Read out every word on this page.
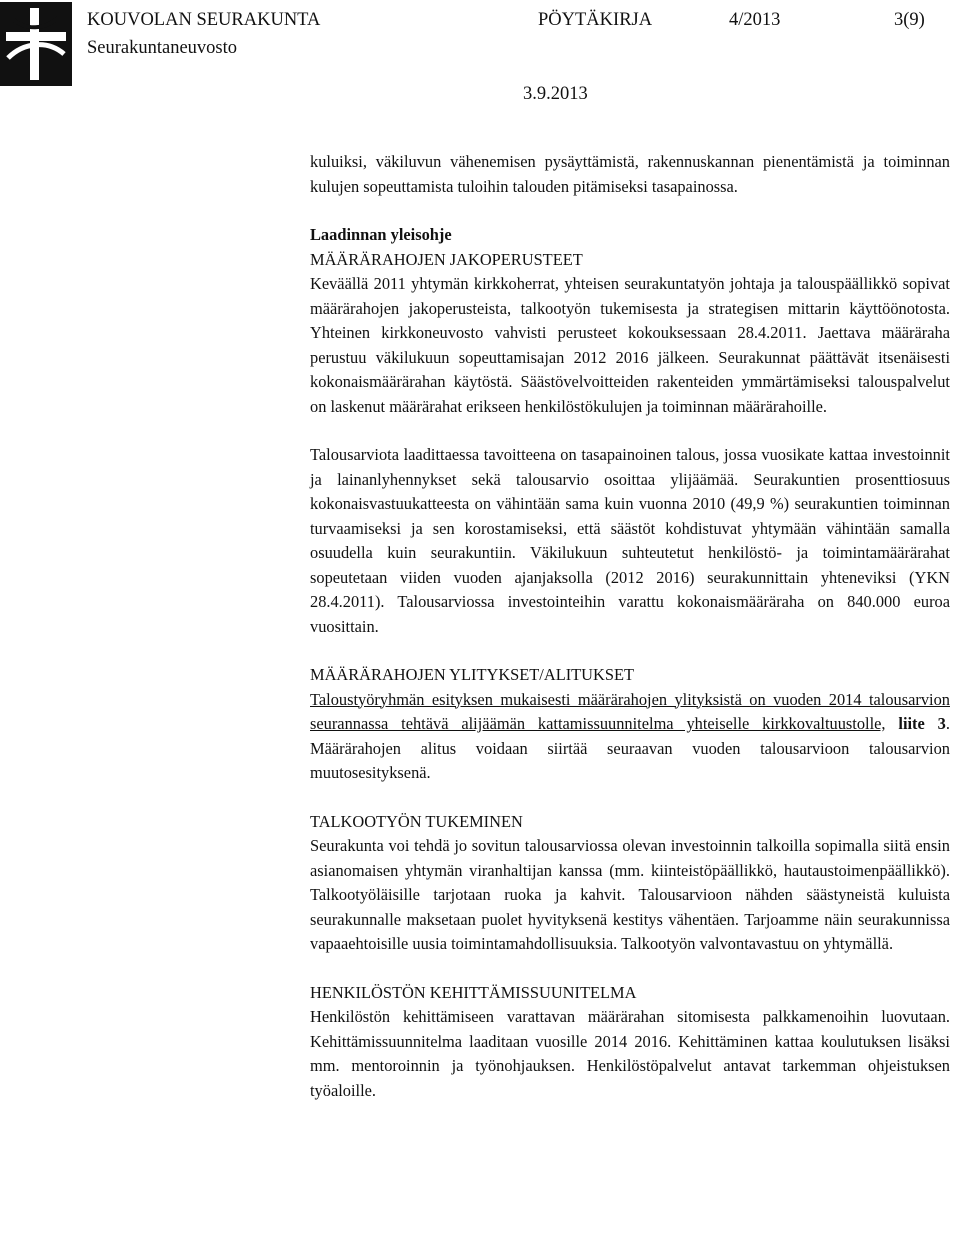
KOUVOLAN SEURAKUNTA
Seurakuntaneuvosto
PÖYTÄKIRJA	4/2013	3(9)
3.9.2013

kuluiksi, väkiluvun vähenemisen pysäyttämistä, rakennuskannan pienentämistä ja toiminnan kulujen sopeuttamista tuloihin talouden pitämiseksi tasapainossa.

Laadinnan yleisohje
MÄÄRÄRAHOJEN JAKOPERUSTEET

Keväällä 2011 yhtymän kirkkoherrat, yhteisen seurakuntatyön johtaja ja talouspäällikkö sopivat määrärahojen jakoperusteista, talkootyön tukemisesta ja strategisen mittarin käyttöönotosta. Yhteinen kirkkoneuvosto vahvisti perusteet kokouksessaan 28.4.2011. Jaettava määräraha perustuu väkilukuun sopeuttamisajan 2012 2016 jälkeen. Seurakunnat päättävät itsenäisesti kokonaismäärärahan käytöstä. Säästövelvoitteiden rakenteiden ymmärtämiseksi talouspalvelut on laskenut määrärahat erikseen henkilöstökulujen ja toiminnan määrärahoille.

Talousarviota laadittaessa tavoitteena on tasapainoinen talous, jossa vuosikate kattaa investoinnit ja lainanlyhennykset sekä talousarvio osoittaa ylijäämää. Seurakuntien prosenttiosuus kokonaisvastuukatteesta on vähintään sama kuin vuonna 2010 (49,9 %) seurakuntien toiminnan turvaamiseksi ja sen korostamiseksi, että säästöt kohdistuvat yhtymään vähintään samalla osuudella kuin seurakuntiin. Väkilukuun suhteutetut henkilöstö- ja toimintamäärärahat sopeutetaan viiden vuoden ajanjaksolla (2012 2016) seurakunnittain yhteneviksi (YKN 28.4.2011). Talousarviossa investointeihin varattu kokonaismääräraha on 840.000 euroa vuosittain.

MÄÄRÄRAHOJEN YLITYKSET/ALITUKSET

Taloustyöryhmän esityksen mukaisesti määrärahojen ylityksistä on vuoden 2014 talousarvion seurannassa tehtävä alijäämän kattamissuunnitelma yhteiselle kirkkovaltuustolle, liite 3. Määrärahojen alitus voidaan siirtää seuraavan vuoden talousarvioon talousarvion muutosesityksenä.

TALKOOTYÖN TUKEMINEN

Seurakunta voi tehdä jo sovitun talousarviossa olevan investoinnin talkoilla sopimalla siitä ensin asianomaisen yhtymän viranhaltijan kanssa (mm. kiinteistöpäällikkö, hautaustoimenpäällikkö). Talkootyöläisille tarjotaan ruoka ja kahvit. Talousarvioon nähden säästyneistä kuluista seurakunnalle maksetaan puolet hyvityksenä kestitys vähentäen. Tarjoamme näin seurakunnissa vapaaehtoisille uusia toimintamahdollisuuksia. Talkootyön valvontavastuu on yhtymällä.

HENKILÖSTÖN KEHITTÄMISSUUNITELMA

Henkilöstön kehittämiseen varattavan määrärahan sitomisesta palkkamenoihin luovutaan. Kehittämissuunnitelma laaditaan vuosille 2014 2016. Kehittäminen kattaa koulutuksen lisäksi mm. mentoroinnin ja työnohjauksen. Henkilöstöpalvelut antavat tarkemman ohjeistuksen työaloille.
